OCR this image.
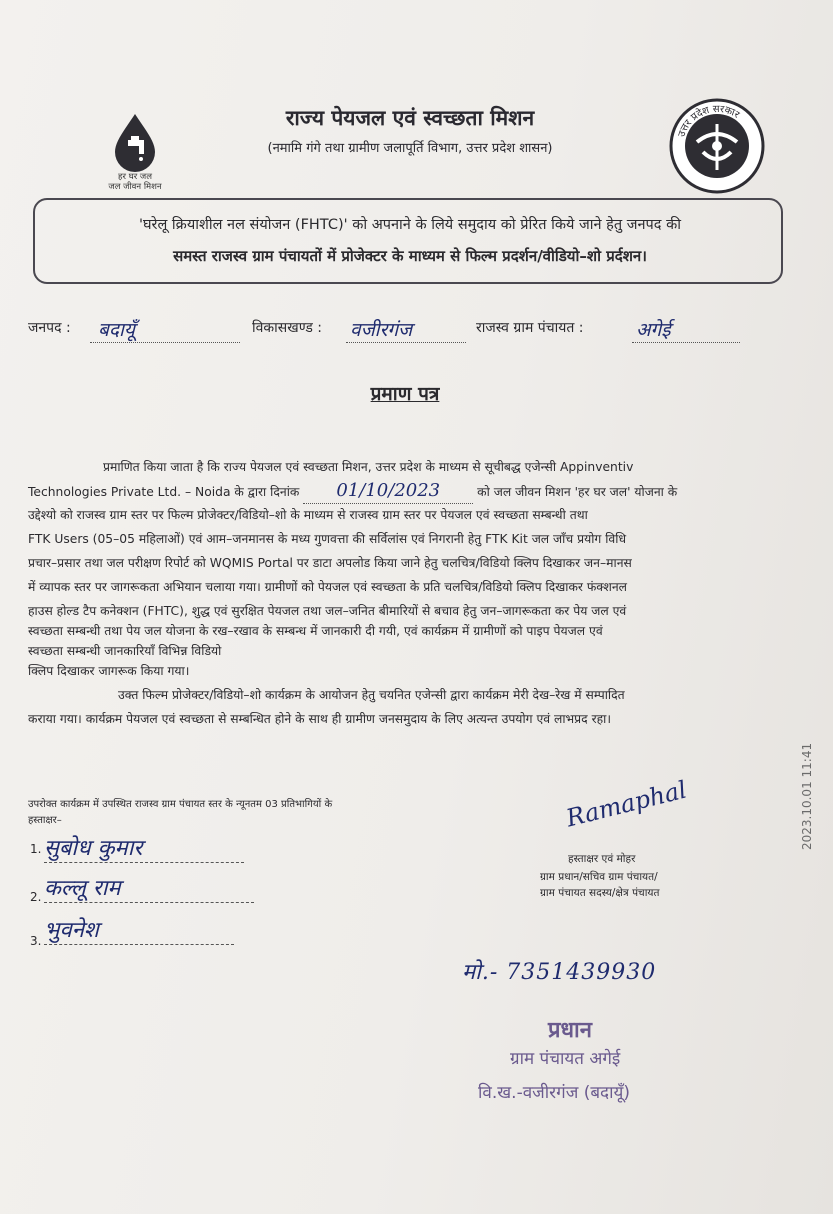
हर घर जल
जल जीवन मिशन
उत्तर प्रदेश सरकार
राज्य पेयजल एवं स्वच्छता मिशन
(नमामि गंगे तथा ग्रामीण जलापूर्ति विभाग, उत्तर प्रदेश शासन)
'घरेलू क्रियाशील नल संयोजन (FHTC)' को अपनाने के लिये समुदाय को प्रेरित किये जाने हेतु जनपद की
समस्त राजस्व ग्राम पंचायतों में प्रोजेक्टर के माध्यम से फिल्म प्रदर्शन/वीडियो–शो प्रर्दशन।
जनपद :	बदायूँ	विकासखण्ड : वजीरगंज	राजस्व ग्राम पंचायत :	अगेई
प्रमाण पत्र
प्रमाणित किया जाता है कि राज्य पेयजल एवं स्वच्छता मिशन, उत्तर प्रदेश के माध्यम से सूचीबद्ध एजेन्सी Appinventiv
Technologies Private Ltd. – Noida के द्वारा दिनांक 01/10/2023	को जल जीवन मिशन 'हर घर जल' योजना के
उद्देश्यो को राजस्व ग्राम स्तर पर फिल्म प्रोजेक्टर/विडियो–शो के माध्यम से राजस्व ग्राम स्तर पर पेयजल एवं स्वच्छता सम्बन्धी तथा
FTK Users (05–05 महिलाओं) एवं आम–जनमानस के मध्य गुणवत्ता की सर्विलांस एवं निगरानी हेतु FTK Kit जल जाँच प्रयोग विधि
प्रचार–प्रसार तथा जल परीक्षण रिपोर्ट को WQMIS Portal पर डाटा अपलोड किया जाने हेतु चलचित्र/विडियो क्लिप दिखाकर जन–मानस
में व्यापक स्तर पर जागरूकता अभियान चलाया गया। ग्रामीणों को पेयजल एवं स्वच्छता के प्रति चलचित्र/विडियो क्लिप दिखाकर फंक्शनल
हाउस होल्ड टैप कनेक्शन (FHTC), शुद्ध एवं सुरक्षित पेयजल तथा जल–जनित बीमारियों से बचाव हेतु जन–जागरूकता कर पेय जल एवं
स्वच्छता सम्बन्धी तथा पेय जल योजना के रख–रखाव के सम्बन्ध में जानकारी दी गयी, एवं कार्यक्रम में ग्रामीणों को पाइप पेयजल एवं
स्वच्छता सम्बन्धी जानकारियाँ विभिन्न विडियो
क्लिप दिखाकर जागरूक किया गया।
उक्त फिल्म प्रोजेक्टर/विडियो–शो कार्यक्रम के आयोजन हेतु चयनित एजेन्सी द्वारा कार्यक्रम मेरी देख–रेख में सम्पादित
कराया गया। कार्यक्रम पेयजल एवं स्वच्छता से सम्बन्धित होने के साथ ही ग्रामीण जनसमुदाय के लिए अत्यन्त उपयोग एवं लाभप्रद रहा।
उपरोक्त कार्यक्रम में उपस्थित राजस्व ग्राम पंचायत स्तर के न्यूनतम 03 प्रतिभागियों के
हस्ताक्षर–
1. सुबोध कुमार
2. कल्लू राम
3. भुवनेश
Ramaphal
हस्ताक्षर एवं मोहर
ग्राम प्रधान/सचिव ग्राम पंचायत/
ग्राम पंचायत सदस्य/क्षेत्र पंचायत
मो.- 7351439930
प्रधान
ग्राम पंचायत अगेई
वि.ख.-वजीरगंज (बदायूँ)
2023.10.01 11:41
